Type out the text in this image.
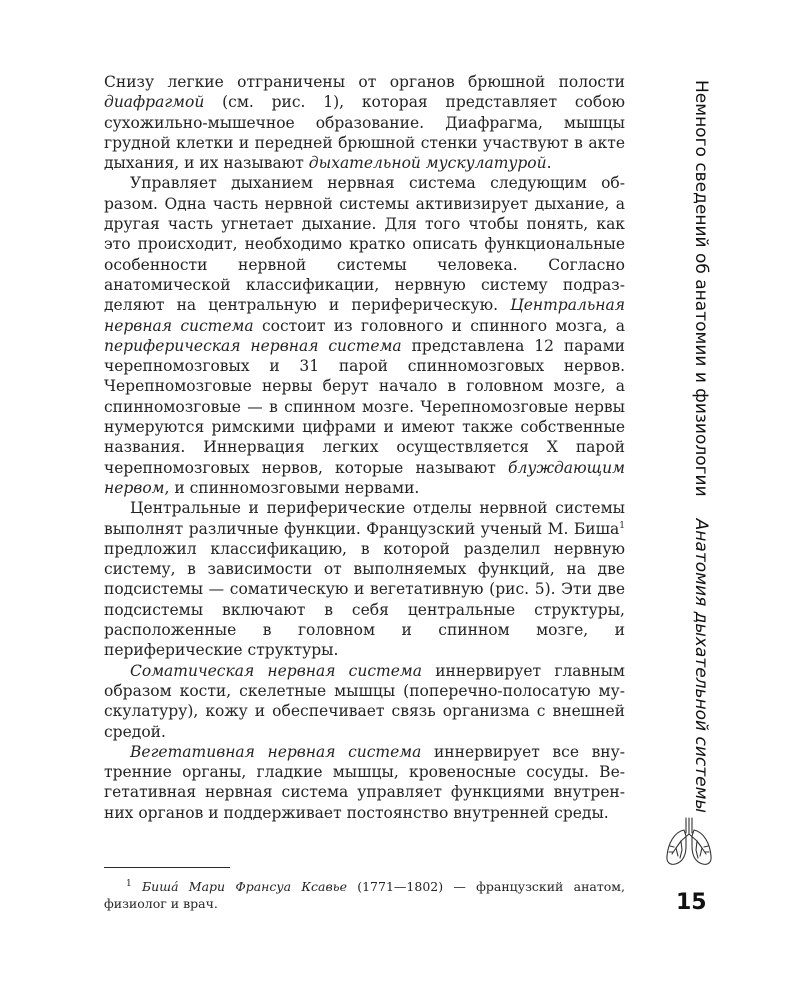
Снизу легкие отграничены от органов брюшной полости диафрагмой (см. рис. 1), которая представляет собою сухожильно-мышечное образование. Диафрагма, мышцы грудной клетки и передней брюшной стенки участвуют в акте дыхания, и их называют дыхательной мускулатурой.

Управляет дыханием нервная система следующим образом. Одна часть нервной системы активизирует дыхание, а другая часть угнетает дыхание. Для того чтобы понять, как это происходит, необходимо кратко описать функциональные особенности нервной системы человека. Согласно анатомической классификации, нервную систему подразделяют на центральную и периферическую. Центральная нервная система состоит из головного и спинного мозга, а периферическая нервная система представлена 12 парами черепномозговых и 31 парой спинномозговых нервов. Черепномозговые нервы берут начало в головном мозге, а спинномозговые — в спинном мозге. Черепномозговые нервы нумеруются римскими цифрами и имеют также собственные названия. Иннервация легких осуществляется X парой черепномозговых нервов, которые называют блуждающим нервом, и спинномозговыми нервами.

Центральные и периферические отделы нервной системы выполнят различные функции. Французский ученый М. Биша$^1$ предложил классификацию, в которой разделил нервную систему, в зависимости от выполняемых функций, на две подсистемы — соматическую и вегетативную (рис. 5). Эти две подсистемы включают в себя центральные структуры, расположенные в головном и спинном мозге, и периферические структуры.

Соматическая нервная система иннервирует главным образом кости, скелетные мышцы (поперечно-полосатую мускулатуру), кожу и обеспечивает связь организма с внешней средой.

Вегетативная нервная система иннервирует все внутренние органы, гладкие мышцы, кровеносные сосуды. Вегетативная нервная система управляет функциями внутренних органов и поддерживает постоянство внутренней среды.

$^1$ Бишá Мари Франсуа Ксавье (1771—1802) — французский анатом, физиолог и врач.

Немного сведений об анатомии и физиологии
Анатомия дыхательной системы
15
